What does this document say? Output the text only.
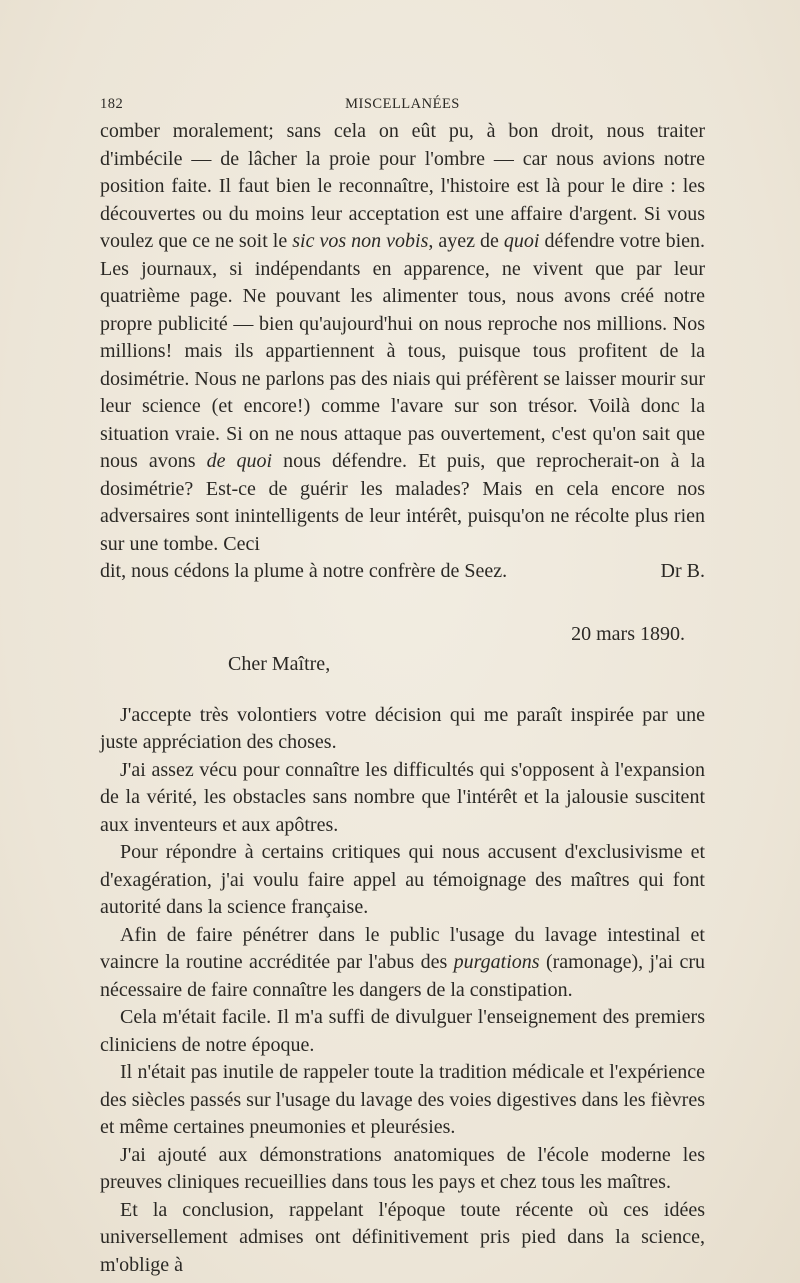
182	MISCELLANÉES

comber moralement; sans cela on eût pu, à bon droit, nous traiter d'imbécile — de lâcher la proie pour l'ombre — car nous avions notre position faite. Il faut bien le reconnaître, l'histoire est là pour le dire : les découvertes ou du moins leur acceptation est une affaire d'argent. Si vous voulez que ce ne soit le sic vos non vobis, ayez de quoi défendre votre bien. Les journaux, si indépendants en apparence, ne vivent que par leur quatrième page. Ne pouvant les alimenter tous, nous avons créé notre propre publicité — bien qu'aujourd'hui on nous reproche nos millions. Nos millions! mais ils appartiennent à tous, puisque tous profitent de la dosimétrie. Nous ne parlons pas des niais qui préfèrent se laisser mourir sur leur science (et encore!) comme l'avare sur son trésor. Voilà donc la situation vraie. Si on ne nous attaque pas ouvertement, c'est qu'on sait que nous avons de quoi nous défendre. Et puis, que reprocherait-on à la dosimétrie? Est-ce de guérir les malades? Mais en cela encore nos adversaires sont inintelligents de leur intérêt, puisqu'on ne récolte plus rien sur une tombe. Ceci

dit, nous cédons la plume à notre confrère de Seez.	Dr B.

20 mars 1890.
Cher Maître,

J'accepte très volontiers votre décision qui me paraît inspirée par une juste appréciation des choses.

J'ai assez vécu pour connaître les difficultés qui s'opposent à l'expansion de la vérité, les obstacles sans nombre que l'intérêt et la jalousie suscitent aux inventeurs et aux apôtres.

Pour répondre à certains critiques qui nous accusent d'exclusivisme et d'exagération, j'ai voulu faire appel au témoignage des maîtres qui font autorité dans la science française.

Afin de faire pénétrer dans le public l'usage du lavage intestinal et vaincre la routine accréditée par l'abus des purgations (ramonage), j'ai cru nécessaire de faire connaître les dangers de la constipation.

Cela m'était facile. Il m'a suffi de divulguer l'enseignement des premiers cliniciens de notre époque.

Il n'était pas inutile de rappeler toute la tradition médicale et l'expérience des siècles passés sur l'usage du lavage des voies digestives dans les fièvres et même certaines pneumonies et pleurésies.

J'ai ajouté aux démonstrations anatomiques de l'école moderne les preuves cliniques recueillies dans tous les pays et chez tous les maîtres.

Et la conclusion, rappelant l'époque toute récente où ces idées universellement admises ont définitivement pris pied dans la science, m'oblige à
